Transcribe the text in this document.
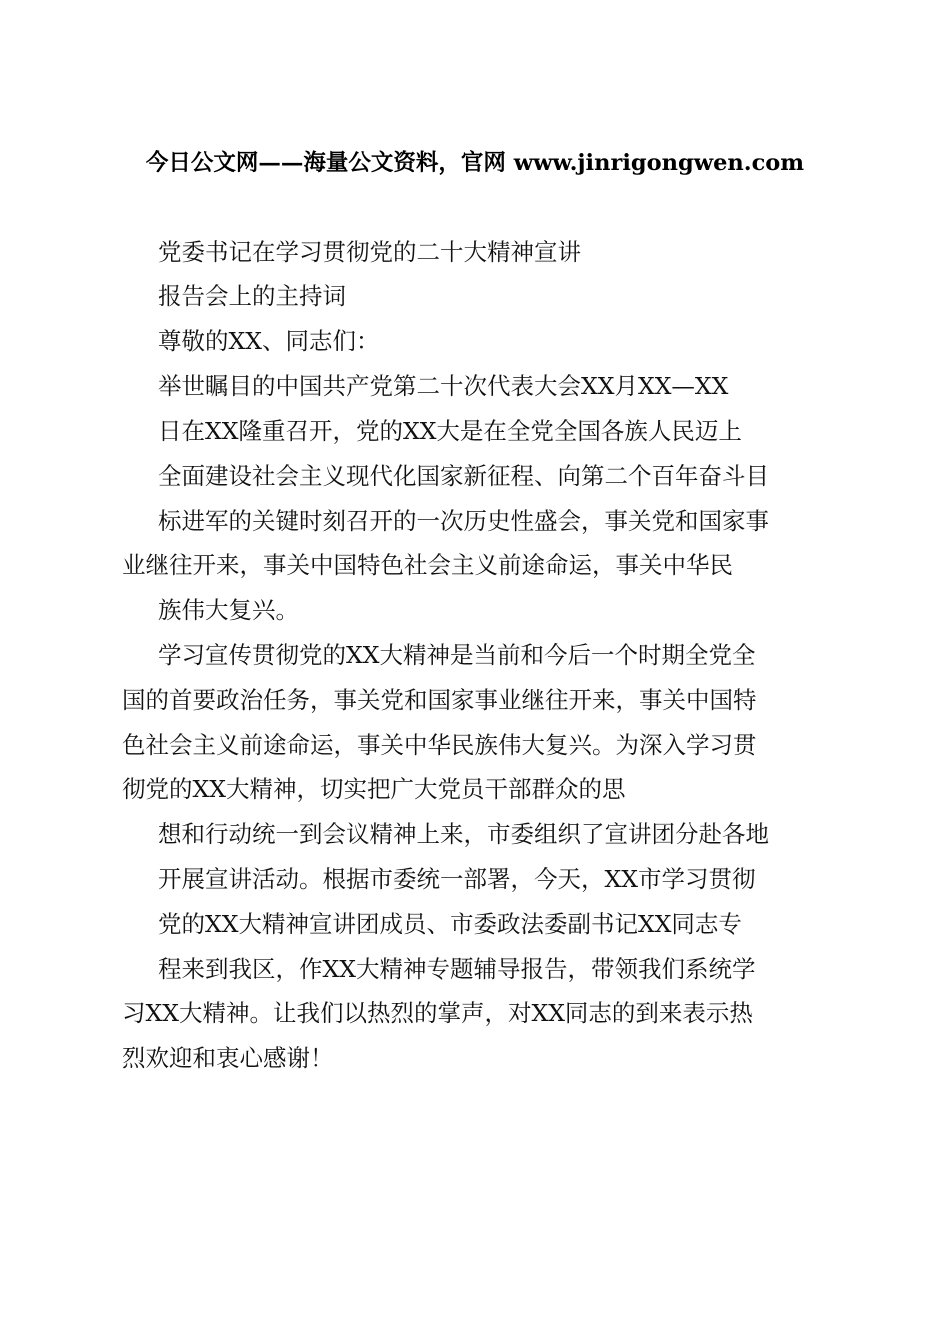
今日公文网——海量公文资料，官网 www.jinrigongwen.com
党委书记在学习贯彻党的二十大精神宣讲
报告会上的主持词
尊敬的XX、同志们：
举世瞩目的中国共产党第二十次代表大会XX月XX—XX
日在XX隆重召开，党的XX大是在全党全国各族人民迈上
全面建设社会主义现代化国家新征程、向第二个百年奋斗目
标进军的关键时刻召开的一次历史性盛会，事关党和国家事
业继往开来，事关中国特色社会主义前途命运，事关中华民
族伟大复兴。
学习宣传贯彻党的XX大精神是当前和今后一个时期全党全
国的首要政治任务，事关党和国家事业继往开来，事关中国特
色社会主义前途命运，事关中华民族伟大复兴。为深入学习贯
彻党的XX大精神，切实把广大党员干部群众的思
想和行动统一到会议精神上来，市委组织了宣讲团分赴各地
开展宣讲活动。根据市委统一部署，今天，XX市学习贯彻
党的XX大精神宣讲团成员、市委政法委副书记XX同志专
程来到我区，作XX大精神专题辅导报告，带领我们系统学
习XX大精神。让我们以热烈的掌声，对XX同志的到来表示热
烈欢迎和衷心感谢！
